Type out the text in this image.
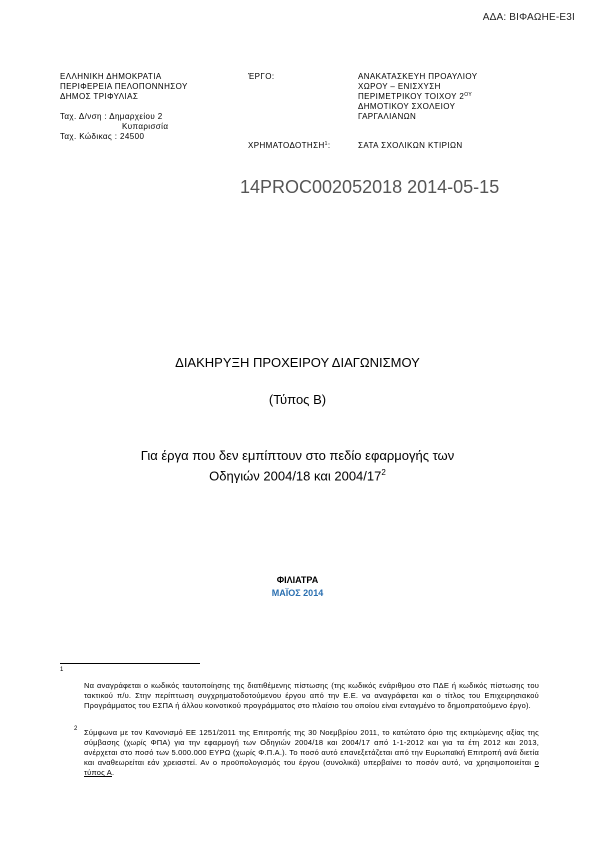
ΑΔΑ: ΒΙΦΑΩΗΕ-Ε3Ι
ΕΛΛΗΝΙΚΗ ΔΗΜΟΚΡΑΤΙΑ
ΠΕΡΙΦΕΡΕΙΑ ΠΕΛΟΠΟΝΝΗΣΟΥ
ΔΗΜΟΣ ΤΡΙΦΥΛΙΑΣ
Ταχ. Δ/νση : Δημαρχείου 2
Κυπαρισσία
Ταχ. Κώδικας : 24500
ΈΡΓΟ:	ΑΝΑΚΑΤΑΣΚΕΥΗ ΠΡΟΑΥΛΙΟΥ
ΧΩΡΟΥ – ΕΝΙΣΧΥΣΗ
ΠΕΡΙΜΕΤΡΙΚΟΥ ΤΟΙΧΟΥ $2^{O\Upsilon}$
ΔΗΜΟΤΙΚΟΥ ΣΧΟΛΕΙΟΥ
ΓΑΡΓΑΛΙΑΝΩΝ
ΧΡΗΜΑΤΟΔΟΤΗΣΗ$^1$:	ΣΑΤΑ ΣΧΟΛΙΚΩΝ ΚΤΙΡΙΩΝ
14PROC002052018 2014-05-15
ΔΙΑΚΗΡΥΞΗ ΠΡΟΧΕΙΡΟΥ ΔΙΑΓΩΝΙΣΜΟΥ
(Τύπος Β)
Για έργα που δεν εμπίπτουν στο πεδίο εφαρμογής των
Οδηγιών 2004/18 και $2004/17^2$
ΦΙΛΙΑΤΡΑ
ΜΑΪΟΣ 2014
1
Να αναγράφεται ο κωδικός ταυτοποίησης της διατιθέμενης πίστωσης (της κωδικός ενάριθμου στο ΠΔΕ ή κωδικός πίστωσης του τακτικού π/υ. Στην περίπτωση συγχρηματοδοτούμενου έργου από την Ε.Ε. να αναγράφεται και ο τίτλος του Επιχειρησιακού Προγράμματος του ΕΣΠΑ ή άλλου κοινοτικού προγράμματος στο πλαίσιο του οποίου είναι ενταγμένο το δημοπρατούμενο έργο).
2 Σύμφωνα με τον Κανονισμό ΕΕ 1251/2011 της Επιτροπής της 30 Νοεμβρίου 2011, το κατώτατο όριο της εκτιμώμενης αξίας της σύμβασης (χωρίς ΦΠΑ) για την εφαρμογή των Οδηγιών 2004/18 και 2004/17 από 1-1-2012 και για τα έτη 2012 και 2013, ανέρχεται στο ποσό των 5.000.000 ΕΥΡΩ (χωρίς Φ.Π.Α.). Το ποσό αυτό επανεξετάζεται από την Ευρωπαϊκή Επιτροπή ανά διετία και αναθεωρείται εάν χρειαστεί. Αν ο προϋπολογισμός του έργου (συνολικά) υπερβαίνει το ποσόν αυτό, να χρησιμοποιείται ο τύπος Α.
